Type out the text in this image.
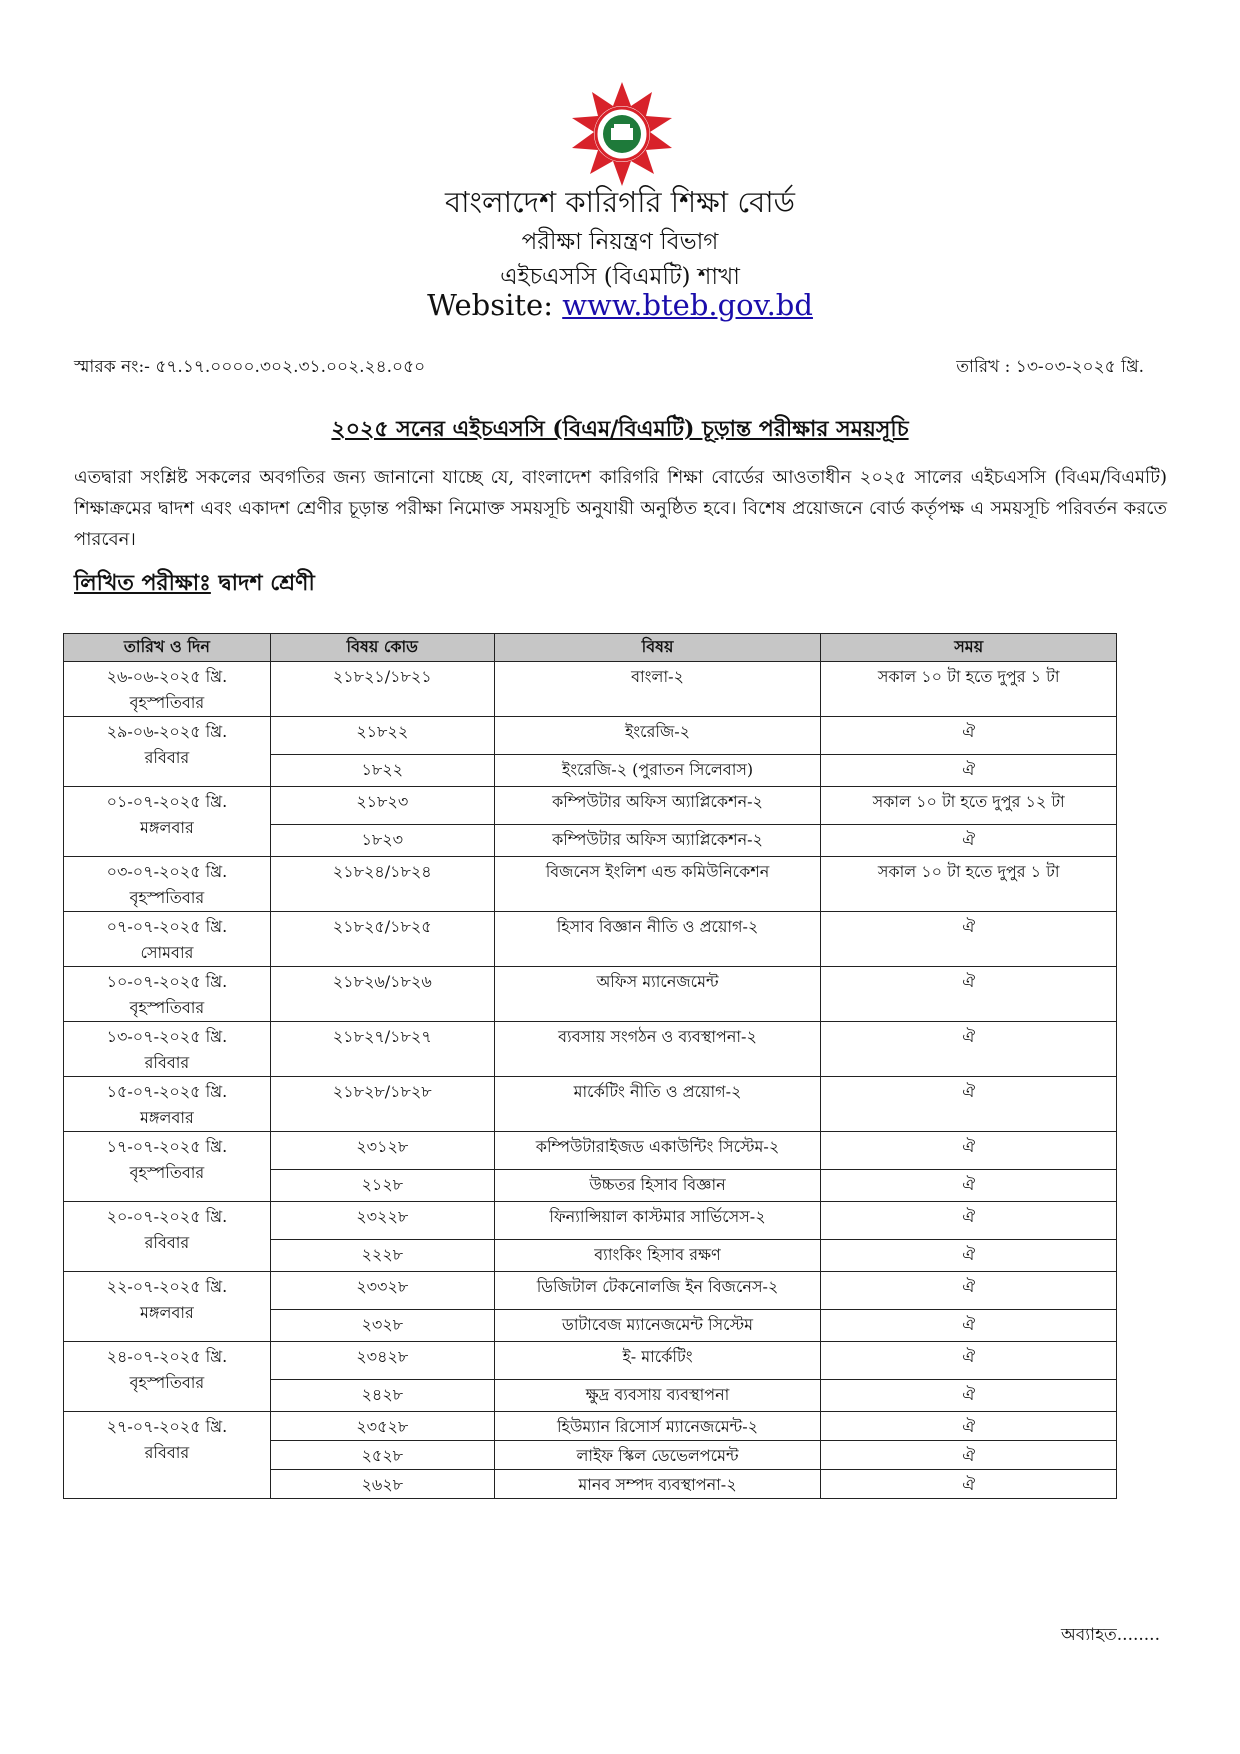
বাংলাদেশ কারিগরি শিক্ষা বোর্ড
পরীক্ষা নিয়ন্ত্রণ বিভাগ
এইচএসসি (বিএমটি) শাখা
Website: www.bteb.gov.bd
স্মারক নং:- ৫৭.১৭.০০০০.৩০২.৩১.০০২.২৪.০৫০	তারিখ : ১৩-০৩-২০২৫ খ্রি.
২০২৫ সনের এইচএসসি (বিএম/বিএমটি) চূড়ান্ত পরীক্ষার সময়সূচি

এতদ্বারা সংশ্লিষ্ট সকলের অবগতির জন্য জানানো যাচ্ছে যে, বাংলাদেশ কারিগরি শিক্ষা বোর্ডের আওতাধীন ২০২৫ সালের এইচএসসি (বিএম/বিএমটি) শিক্ষাক্রমের দ্বাদশ এবং একাদশ শ্রেণীর চূড়ান্ত পরীক্ষা নিমোক্ত সময়সূচি অনুযায়ী অনুষ্ঠিত হবে। বিশেষ প্রয়োজনে বোর্ড কর্তৃপক্ষ এ সময়সূচি পরিবর্তন করতে পারবেন।

লিখিত পরীক্ষাঃ দ্বাদশ শ্রেণী
তারিখ ও দিন	বিষয় কোড	বিষয়	সময়

২৬-০৬-২০২৫ খ্রি.
বৃহস্পতিবার	২১৮২১/১৮২১	বাংলা-২	সকাল ১০ টা হতে দুপুর ১ টা

২৯-০৬-২০২৫ খ্রি.
রবিবার	২১৮২২	ইংরেজি-২	ঐ
	১৮২২	ইংরেজি-২ (পুরাতন সিলেবাস)	ঐ

০১-০৭-২০২৫ খ্রি.
মঙ্গলবার	২১৮২৩	কম্পিউটার অফিস অ্যাপ্লিকেশন-২	সকাল ১০ টা হতে দুপুর ১২ টা
	১৮২৩	কম্পিউটার অফিস অ্যাপ্লিকেশন-২	ঐ

০৩-০৭-২০২৫ খ্রি.
বৃহস্পতিবার	২১৮২৪/১৮২৪	বিজনেস ইংলিশ এন্ড কমিউনিকেশন	সকাল ১০ টা হতে দুপুর ১ টা

০৭-০৭-২০২৫ খ্রি.
সোমবার	২১৮২৫/১৮২৫	হিসাব বিজ্ঞান নীতি ও প্রয়োগ-২	ঐ

১০-০৭-২০২৫ খ্রি.
বৃহস্পতিবার	২১৮২৬/১৮২৬	অফিস ম্যানেজমেন্ট	ঐ

১৩-০৭-২০২৫ খ্রি.
রবিবার	২১৮২৭/১৮২৭	ব্যবসায় সংগঠন ও ব্যবস্থাপনা-২	ঐ

১৫-০৭-২০২৫ খ্রি.
মঙ্গলবার	২১৮২৮/১৮২৮	মার্কেটিং নীতি ও প্রয়োগ-২	ঐ

১৭-০৭-২০২৫ খ্রি.
বৃহস্পতিবার	২৩১২৮	কম্পিউটারাইজড একাউন্টিং সিস্টেম-২	ঐ
	২১২৮	উচ্চতর হিসাব বিজ্ঞান	ঐ

২০-০৭-২০২৫ খ্রি.
রবিবার	২৩২২৮	ফিন্যান্সিয়াল কাস্টমার সার্ভিসেস-২	ঐ
	২২২৮	ব্যাংকিং হিসাব রক্ষণ	ঐ

২২-০৭-২০২৫ খ্রি.
মঙ্গলবার	২৩৩২৮	ডিজিটাল টেকনোলজি ইন বিজনেস-২	ঐ
	২৩২৮	ডাটাবেজ ম্যানেজমেন্ট সিস্টেম	ঐ

২৪-০৭-২০২৫ খ্রি.
বৃহস্পতিবার	২৩৪২৮	ই- মার্কেটিং	ঐ
	২৪২৮	ক্ষুদ্র ব্যবসায় ব্যবস্থাপনা	ঐ

২৭-০৭-২০২৫ খ্রি.
রবিবার	২৩৫২৮	হিউম্যান রিসোর্স ম্যানেজমেন্ট-২	ঐ
	২৫২৮	লাইফ স্কিল ডেভেলপমেন্ট	ঐ
	২৬২৮	মানব সম্পদ ব্যবস্থাপনা-২	ঐ
অব্যাহত........
